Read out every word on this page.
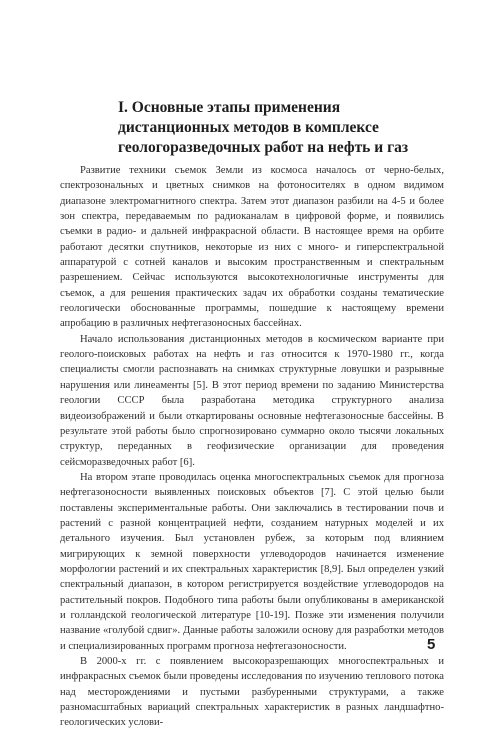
I. Основные этапы применения
дистанционных методов в комплексе
геологоразведочных работ на нефть и газ

Развитие техники съемок Земли из космоса началось от черно-белых, спектрозональных и цветных снимков на фотоносителях в одном видимом диапазоне электромагнитного спектра. Затем этот диапазон разбили на 4-5 и более зон спектра, передаваемым по радиоканалам в цифровой форме, и появились съемки в радио- и дальней инфракрасной области. В настоящее время на орбите работают десятки спутников, некоторые из них с много- и гиперспектральной аппаратурой с сотней каналов и высоким пространственным и спектральным разрешением. Сейчас используются высокотехнологичные инструменты для съемок, а для решения практических задач их обработки созданы тематические геологически обоснованные программы, пошедшие к настоящему времени апробацию в различных нефтегазоносных бассейнах.

Начало использования дистанционных методов в космическом варианте при геолого-поисковых работах на нефть и газ относится к 1970-1980 гг., когда специалисты смогли распознавать на снимках структурные ловушки и разрывные нарушения или линеаменты [5]. В этот период времени по заданию Министерства геологии СССР была разработана методика структурного анализа видеоизображений и были откартированы основные нефтегазоносные бассейны. В результате этой работы было спрогнозировано суммарно около тысячи локальных структур, переданных в геофизические организации для проведения сейсморазведочных работ [6].

На втором этапе проводилась оценка многоспектральных съемок для прогноза нефтегазоносности выявленных поисковых объектов [7]. С этой целью были поставлены экспериментальные работы. Они заключались в тестировании почв и растений с разной концентрацией нефти, созданием натурных моделей и их детального изучения. Был установлен рубеж, за которым под влиянием мигрирующих к земной поверхности углеводородов начинается изменение морфологии растений и их спектральных характеристик [8,9]. Был определен узкий спектральный диапазон, в котором регистрируется воздействие углеводородов на растительный покров. Подобного типа работы были опубликованы в американской и голландской геологической литературе [10-19]. Позже эти изменения получили название «голубой сдвиг». Данные работы заложили основу для разработки методов и специализированных программ прогноза нефтегазоносности.

В 2000-х гг. с появлением высокоразрешающих многоспектральных и инфракрасных съемок были проведены исследования по изучению теплового потока над месторождениями и пустыми разбуренными структурами, а также разномасштабных вариаций спектральных характеристик в разных ландшафтно-геологических услови-

5
